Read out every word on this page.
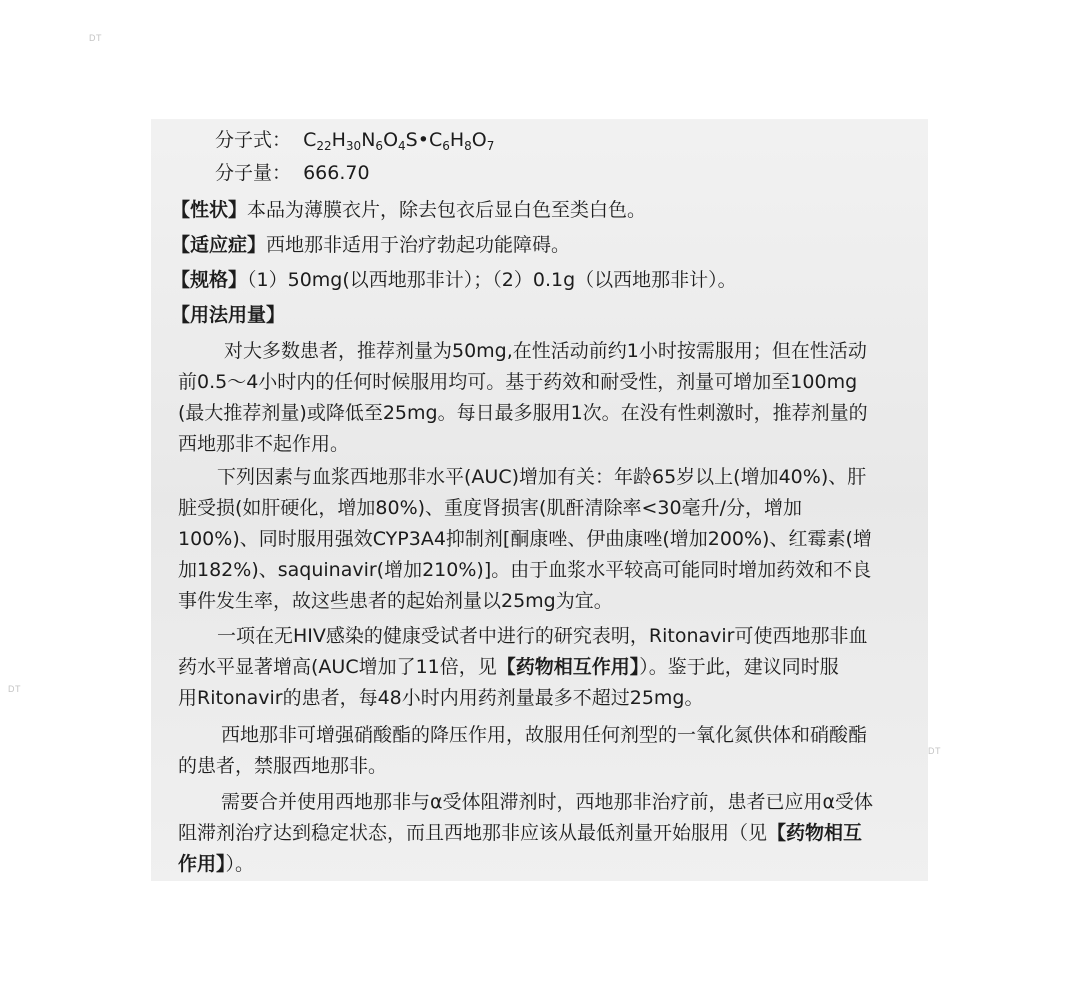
DT
DT
DT
分子式： $C_{22}H_{30}N_6O_4S•C_6H_8O_7$
分子量： 666.70
【性状】本品为薄膜衣片，除去包衣后显白色至类白色。
【适应症】西地那非适用于治疗勃起功能障碍。
【规格】（1）50mg(以西地那非计）；（2）0.1g（以西地那非计）。
【用法用量】
对大多数患者，推荐剂量为50mg,在性活动前约1小时按需服用；但在性活动
前0.5～4小时内的任何时候服用均可。基于药效和耐受性，剂量可增加至100mg
(最大推荐剂量)或降低至25mg。每日最多服用1次。在没有性刺激时，推荐剂量的
西地那非不起作用。
下列因素与血浆西地那非水平(AUC)增加有关：年龄65岁以上(增加40%)、肝
脏受损(如肝硬化，增加80%)、重度肾损害(肌酐清除率<30毫升/分，增加
100%)、同时服用强效CYP3A4抑制剂[酮康唑、伊曲康唑(增加200%)、红霉素(增
加182%)、saquinavir(增加210%)]。由于血浆水平较高可能同时增加药效和不良
事件发生率，故这些患者的起始剂量以25mg为宜。
一项在无HIV感染的健康受试者中进行的研究表明，Ritonavir可使西地那非血
药水平显著增高(AUC增加了11倍，见【药物相互作用】）。鉴于此，建议同时服
用Ritonavir的患者，每48小时内用药剂量最多不超过25mg。
西地那非可增强硝酸酯的降压作用，故服用任何剂型的一氧化氮供体和硝酸酯
的患者，禁服西地那非。
需要合并使用西地那非与α受体阻滞剂时，西地那非治疗前，患者已应用α受体
阻滞剂治疗达到稳定状态，而且西地那非应该从最低剂量开始服用（见【药物相互
作用】）。
